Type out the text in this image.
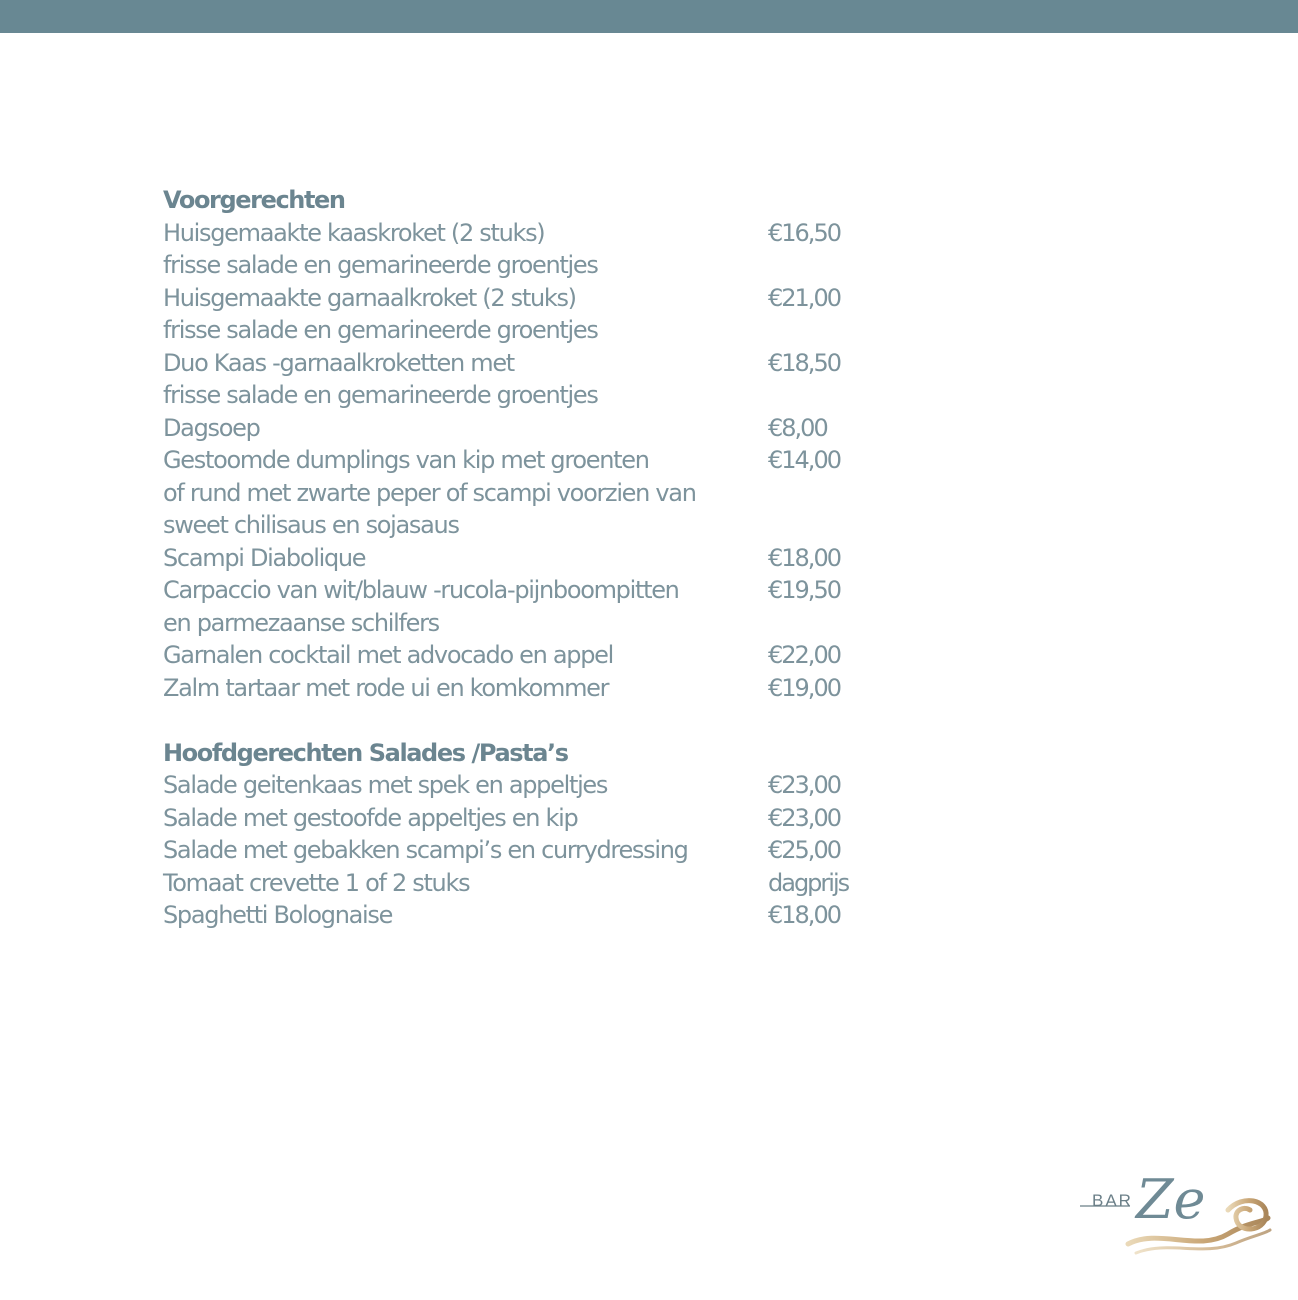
Voorgerechten
Huisgemaakte kaaskroket (2 stuks)	€16,50
frisse salade en gemarineerde groentjes
Huisgemaakte garnaalkroket (2 stuks)	€21,00
frisse salade en gemarineerde groentjes
Duo Kaas -garnaalkroketten met	€18,50
frisse salade en gemarineerde groentjes
Dagsoep	€8,00
Gestoomde dumplings van kip met groenten	€14,00
of rund met zwarte peper of scampi voorzien van
sweet chilisaus en sojasaus
Scampi Diabolique	€18,00
Carpaccio van wit/blauw -rucola-pijnboompitten	€19,50
en parmezaanse schilfers
Garnalen cocktail met advocado en appel	€22,00
Zalm tartaar met rode ui en komkommer	€19,00
Hoofdgerechten Salades /Pasta’s
Salade geitenkaas met spek en appeltjes	€23,00
Salade met gestoofde appeltjes en kip	€23,00
Salade met gebakken scampi’s en currydressing	€25,00
Tomaat crevette 1 of 2 stuks	dagprijs
Spaghetti Bolognaise	€18,00
BAR Ze
